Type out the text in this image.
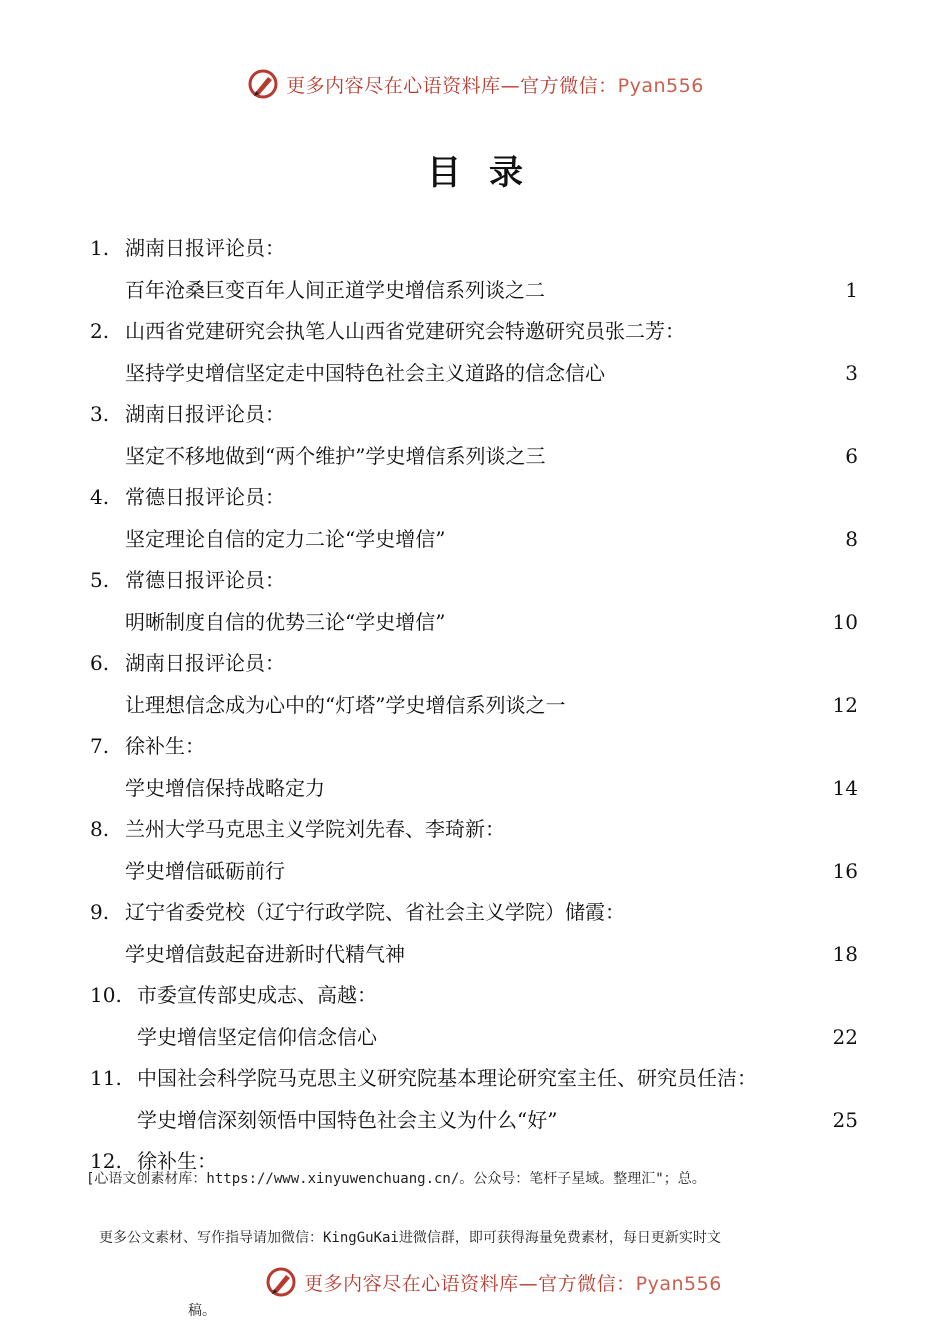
更多内容尽在心语资料库—官方微信：Pyan556
目录
1. 湖南日报评论员：
百年沧桑巨变百年人间正道学史增信系列谈之二	1
2. 山西省党建研究会执笔人山西省党建研究会特邀研究员张二芳：
坚持学史增信坚定走中国特色社会主义道路的信念信心	3
3. 湖南日报评论员：
坚定不移地做到“两个维护”学史增信系列谈之三	6
4. 常德日报评论员：
坚定理论自信的定力二论“学史增信”	8
5. 常德日报评论员：
明晰制度自信的优势三论“学史增信”	10
6. 湖南日报评论员：
让理想信念成为心中的“灯塔”学史增信系列谈之一	12
7. 徐补生：
学史增信保持战略定力	14
8. 兰州大学马克思主义学院刘先春、李琦新：
学史增信砥砺前行	16
9. 辽宁省委党校（辽宁行政学院、省社会主义学院）储霞：
学史增信鼓起奋进新时代精气神	18
10. 市委宣传部史成志、高越：
学史增信坚定信仰信念信心	22
11. 中国社会科学院马克思主义研究院基本理论研究室主任、研究员任洁：
学史增信深刻领悟中国特色社会主义为什么“好”	25
12. 徐补生：
[心语文创素材库：https://www.xinyuwenchuang.cn/。公众号：笔杆子星域。整理汇"；总。
更多公文素材、写作指导请加微信：KingGuKai进微信群，即可获得海量免费素材，每日更新实时文
更多内容尽在心语资料库—官方微信：Pyan556
稿。
